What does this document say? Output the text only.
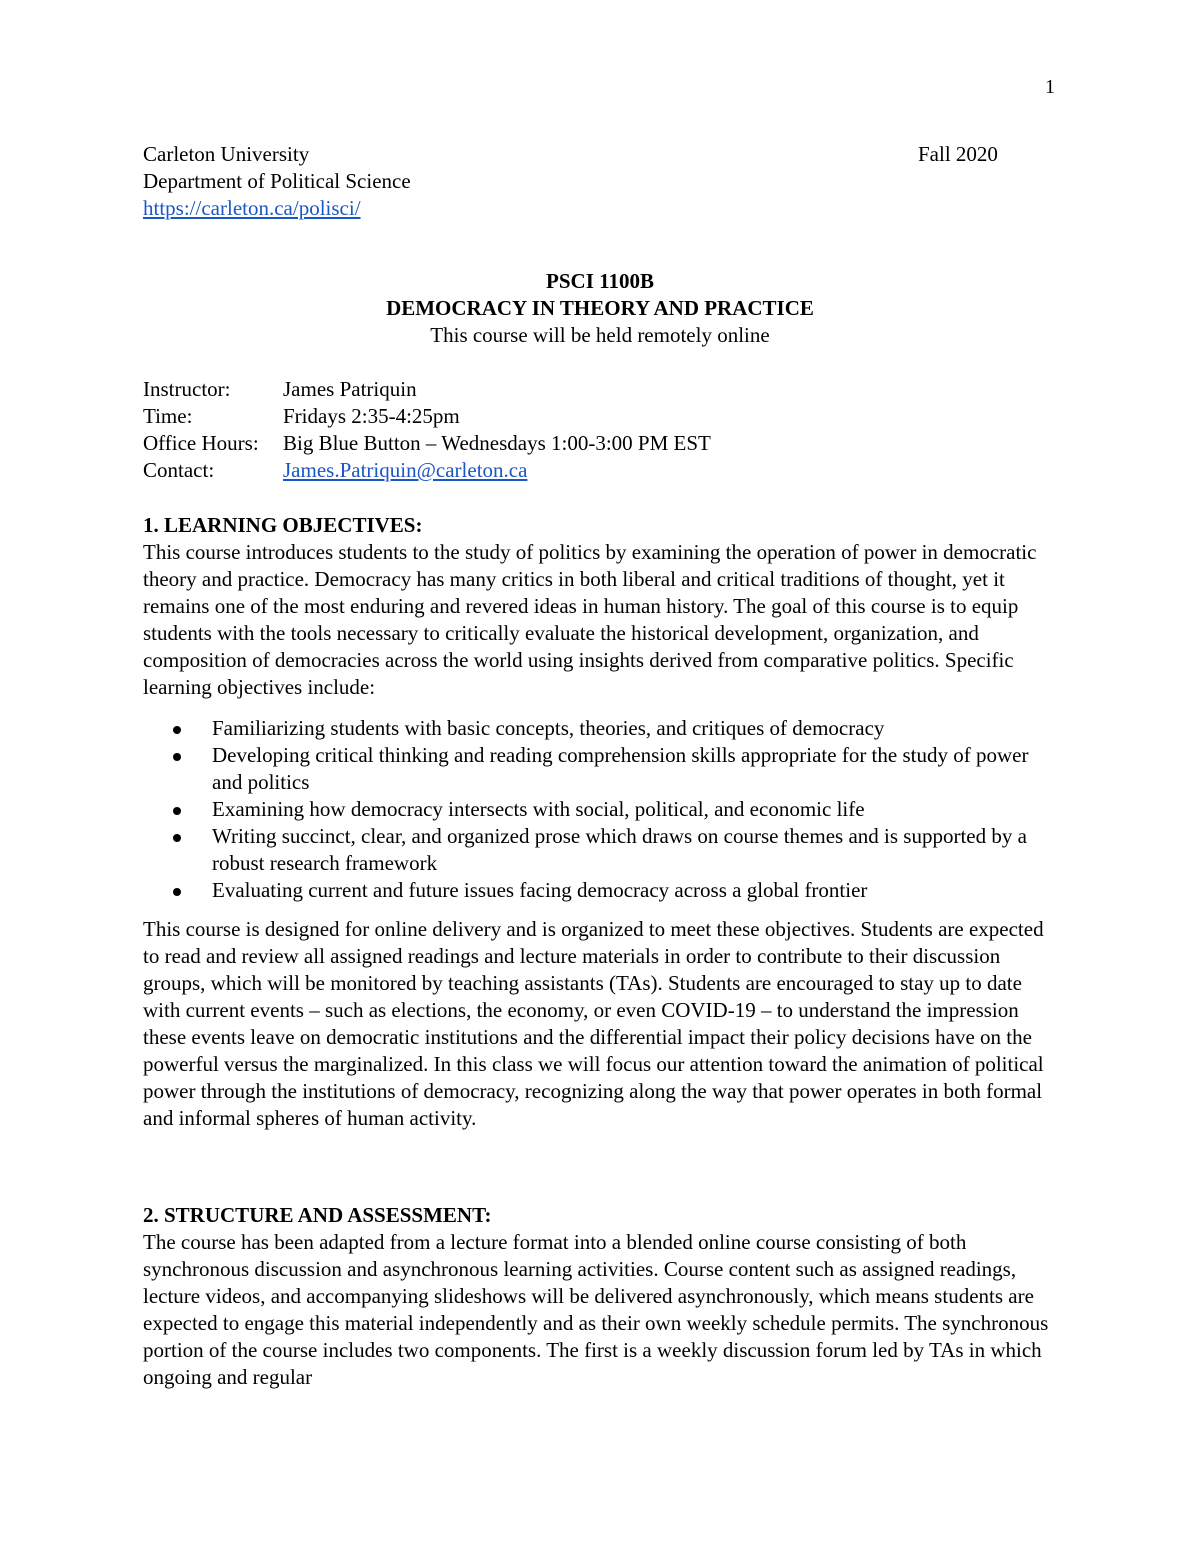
1
Carleton University	Fall 2020
Department of Political Science
https://carleton.ca/polisci/
PSCI 1100B
DEMOCRACY IN THEORY AND PRACTICE
This course will be held remotely online
Instructor:	James Patriquin
Time:	Fridays 2:35-4:25pm
Office Hours:	Big Blue Button – Wednesdays 1:00-3:00 PM EST
Contact:	James.Patriquin@carleton.ca

1. LEARNING OBJECTIVES:

This course introduces students to the study of politics by examining the operation of power in democratic theory and practice. Democracy has many critics in both liberal and critical traditions of thought, yet it remains one of the most enduring and revered ideas in human history. The goal of this course is to equip students with the tools necessary to critically evaluate the historical development, organization, and composition of democracies across the world using insights derived from comparative politics. Specific learning objectives include:

Familiarizing students with basic concepts, theories, and critiques of democracy
Developing critical thinking and reading comprehension skills appropriate for the study of power and politics
Examining how democracy intersects with social, political, and economic life
Writing succinct, clear, and organized prose which draws on course themes and is supported by a robust research framework
Evaluating current and future issues facing democracy across a global frontier

This course is designed for online delivery and is organized to meet these objectives. Students are expected to read and review all assigned readings and lecture materials in order to contribute to their discussion groups, which will be monitored by teaching assistants (TAs). Students are encouraged to stay up to date with current events – such as elections, the economy, or even COVID-19 – to understand the impression these events leave on democratic institutions and the differential impact their policy decisions have on the powerful versus the marginalized. In this class we will focus our attention toward the animation of political power through the institutions of democracy, recognizing along the way that power operates in both formal and informal spheres of human activity.

2. STRUCTURE AND ASSESSMENT:

The course has been adapted from a lecture format into a blended online course consisting of both synchronous discussion and asynchronous learning activities. Course content such as assigned readings, lecture videos, and accompanying slideshows will be delivered asynchronously, which means students are expected to engage this material independently and as their own weekly schedule permits. The synchronous portion of the course includes two components. The first is a weekly discussion forum led by TAs in which ongoing and regular
